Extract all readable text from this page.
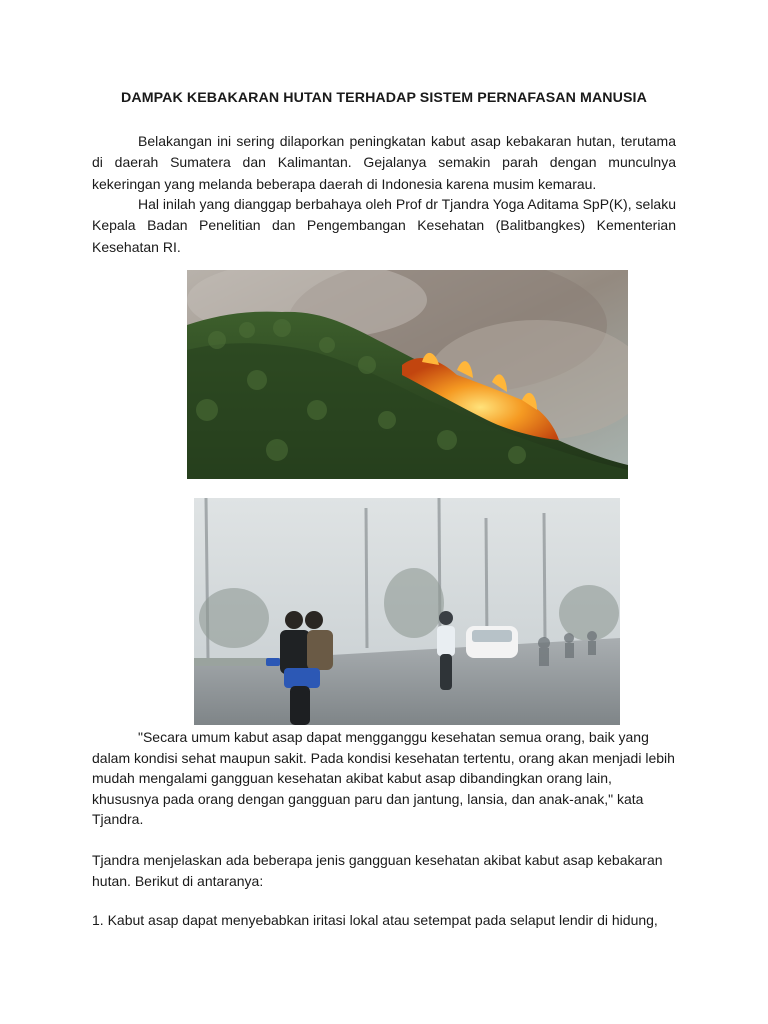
DAMPAK KEBAKARAN HUTAN TERHADAP SISTEM PERNAFASAN MANUSIA

Belakangan ini sering dilaporkan peningkatan kabut asap kebakaran hutan, terutama di daerah Sumatera dan Kalimantan. Gejalanya semakin parah dengan munculnya kekeringan yang melanda beberapa daerah di Indonesia karena musim kemarau.

Hal inilah yang dianggap berbahaya oleh Prof dr Tjandra Yoga Aditama SpP(K), selaku Kepala Badan Penelitian dan Pengembangan Kesehatan (Balitbangkes) Kementerian Kesehatan RI.

"Secara umum kabut asap dapat mengganggu kesehatan semua orang, baik yang dalam kondisi sehat maupun sakit. Pada kondisi kesehatan tertentu, orang akan menjadi lebih mudah mengalami gangguan kesehatan akibat kabut asap dibandingkan orang lain, khususnya pada orang dengan gangguan paru dan jantung, lansia, dan anak-anak," kata Tjandra.

Tjandra menjelaskan ada beberapa jenis gangguan kesehatan akibat kabut asap kebakaran hutan. Berikut di antaranya:

1. Kabut asap dapat menyebabkan iritasi lokal atau setempat pada selaput lendir di hidung,
